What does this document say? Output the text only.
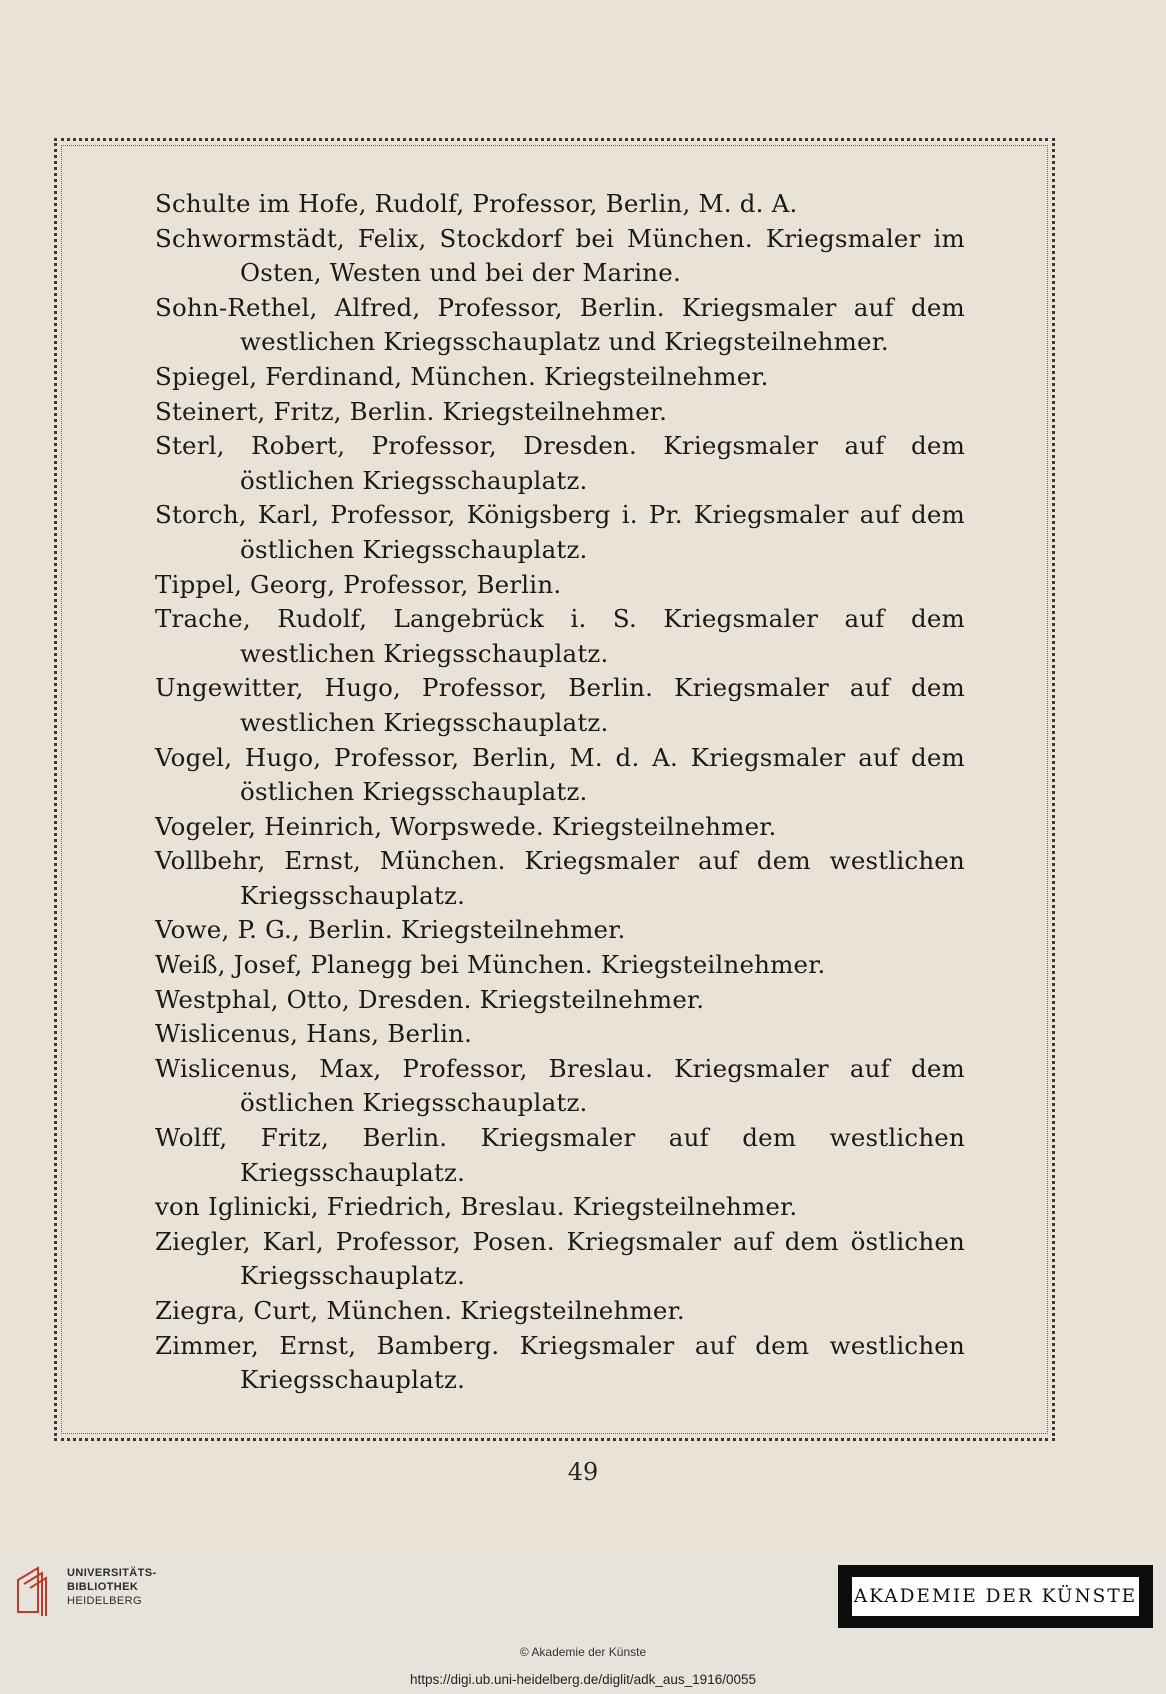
Schulte im Hofe, Rudolf, Professor, Berlin, M. d. A.
Schwormstädt, Felix, Stockdorf bei München. Kriegsmaler im Osten, Westen und bei der Marine.
Sohn-Rethel, Alfred, Professor, Berlin. Kriegsmaler auf dem westlichen Kriegsschauplatz und Kriegsteilnehmer.
Spiegel, Ferdinand, München. Kriegsteilnehmer.
Steinert, Fritz, Berlin. Kriegsteilnehmer.
Sterl, Robert, Professor, Dresden. Kriegsmaler auf dem östlichen Kriegsschauplatz.
Storch, Karl, Professor, Königsberg i. Pr. Kriegsmaler auf dem östlichen Kriegsschauplatz.
Tippel, Georg, Professor, Berlin.
Trache, Rudolf, Langebrück i. S. Kriegsmaler auf dem westlichen Kriegsschauplatz.
Ungewitter, Hugo, Professor, Berlin. Kriegsmaler auf dem westlichen Kriegsschauplatz.
Vogel, Hugo, Professor, Berlin, M. d. A. Kriegsmaler auf dem östlichen Kriegsschauplatz.
Vogeler, Heinrich, Worpswede. Kriegsteilnehmer.
Vollbehr, Ernst, München. Kriegsmaler auf dem westlichen Kriegsschauplatz.
Vowe, P. G., Berlin. Kriegsteilnehmer.
Weiß, Josef, Planegg bei München. Kriegsteilnehmer.
Westphal, Otto, Dresden. Kriegsteilnehmer.
Wislicenus, Hans, Berlin.
Wislicenus, Max, Professor, Breslau. Kriegsmaler auf dem östlichen Kriegsschauplatz.
Wolff, Fritz, Berlin. Kriegsmaler auf dem westlichen Kriegsschauplatz.
von Iglinicki, Friedrich, Breslau. Kriegsteilnehmer.
Ziegler, Karl, Professor, Posen. Kriegsmaler auf dem östlichen Kriegsschauplatz.
Ziegra, Curt, München. Kriegsteilnehmer.
Zimmer, Ernst, Bamberg. Kriegsmaler auf dem westlichen Kriegsschauplatz.
49
UNIVERSITÄTS-
BIBLIOTHEK
HEIDELBERG	AKADEMIE DER KÜNSTE
© Akademie der Künste
https://digi.ub.uni-heidelberg.de/diglit/adk_aus_1916/0055
